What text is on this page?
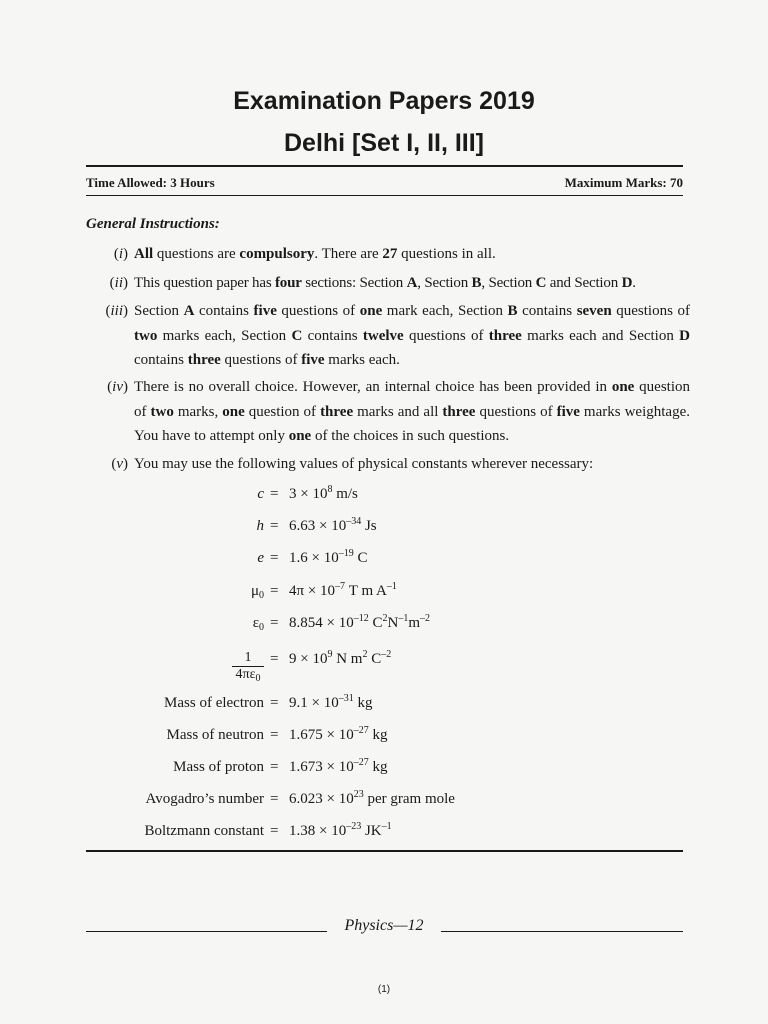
Examination Papers 2019
Delhi [Set I, II, III]
Time Allowed: 3 Hours	Maximum Marks: 70
General Instructions:
(i) All questions are compulsory. There are 27 questions in all.
(ii) This question paper has four sections: Section A, Section B, Section C and Section D.
(iii) Section A contains five questions of one mark each, Section B contains seven questions of two marks each, Section C contains twelve questions of three marks each and Section D contains three questions of five marks each.
(iv) There is no overall choice. However, an internal choice has been provided in one question of two marks, one question of three marks and all three questions of five marks weightage. You have to attempt only one of the choices in such questions.
(v) You may use the following values of physical constants wherever necessary:
$c = 3 \times 10^8$ m/s
$h = 6.63 \times 10^{-34}$ Js
$e = 1.6 \times 10^{-19}$ C
$\mu_0 = 4\pi \times 10^{-7}$ T m $A^{-1}$
$\varepsilon_0 = 8.854 \times 10^{-12}$ $C^2N^{-1}m^{-2}$
$\frac{1}{4\pi\varepsilon_0} = 9 \times 10^9$ N $m^2$ $C^{-2}$
Mass of electron = $9.1 \times 10^{-31}$ kg
Mass of neutron = $1.675 \times 10^{-27}$ kg
Mass of proton = $1.673 \times 10^{-27}$ kg
Avogadro’s number = $6.023 \times 10^{23}$ per gram mole
Boltzmann constant = $1.38 \times 10^{-23}$ $JK^{-1}$
Physics—12
(1)
